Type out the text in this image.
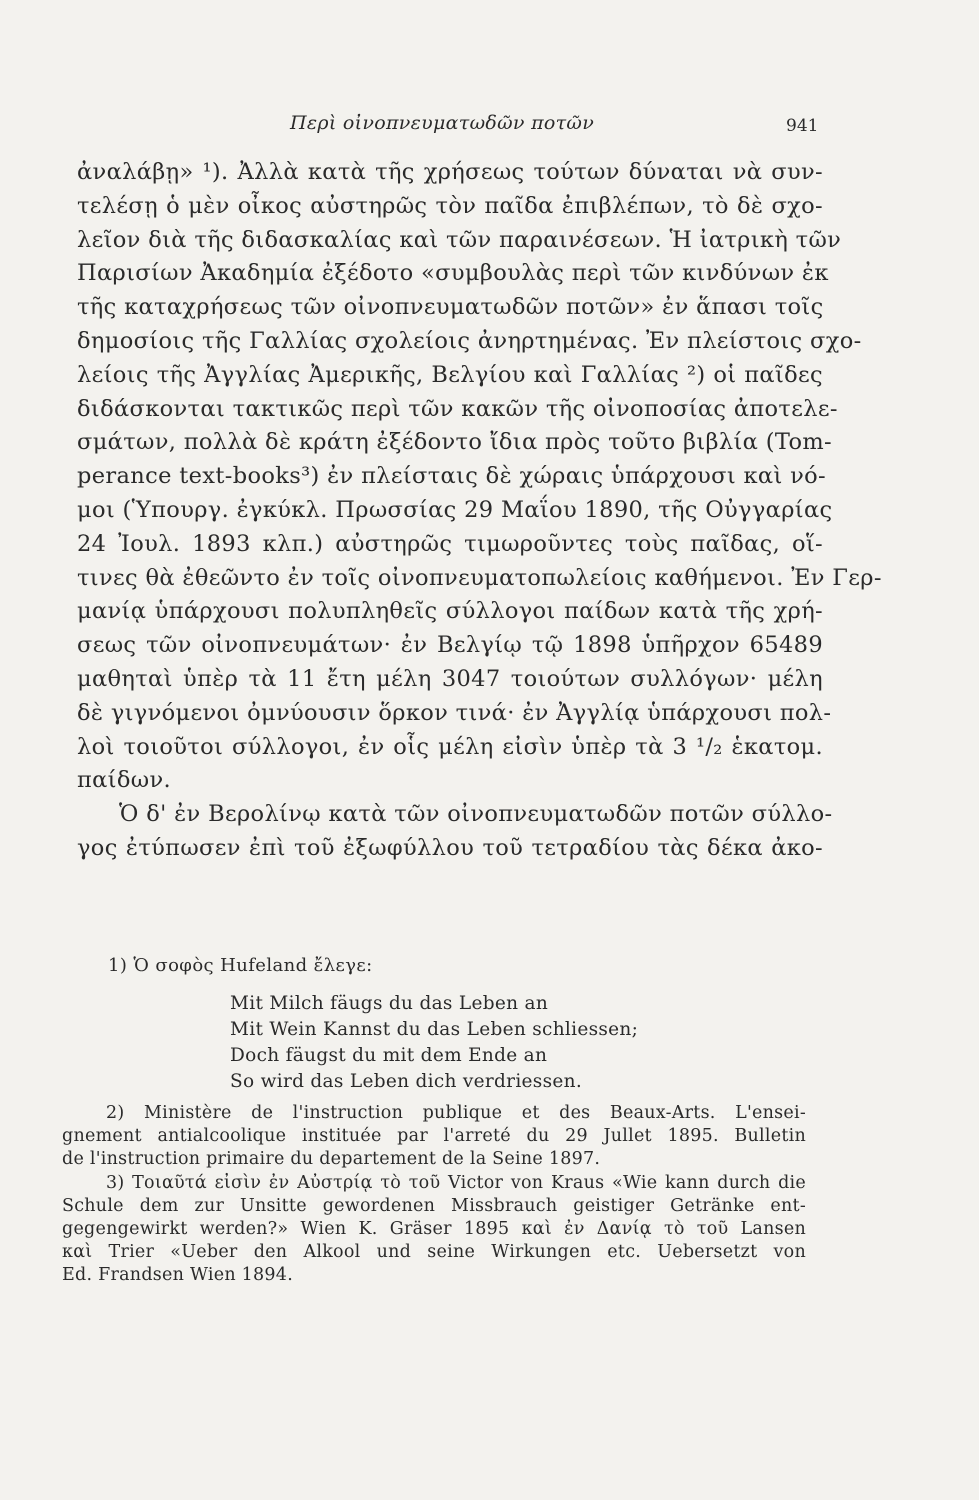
Περὶ οἰνοπνευματωδῶν ποτῶν	941
ἀναλάβῃ» ¹). Ἀλλὰ κατὰ τῆς χρήσεως τούτων δύναται νὰ συν-
τελέσῃ ὁ μὲν οἶκος αὐστηρῶς τὸν παῖδα ἐπιβλέπων, τὸ δὲ σχο-
λεῖον διὰ τῆς διδασκαλίας καὶ τῶν παραινέσεων. Ἡ ἰατρικὴ τῶν
Παρισίων Ἀκαδημία ἐξέδοτο «συμβουλὰς περὶ τῶν κινδύνων ἐκ
τῆς καταχρήσεως τῶν οἰνοπνευματωδῶν ποτῶν» ἐν ἅπασι τοῖς
δημοσίοις τῆς Γαλλίας σχολείοις ἀνηρτημένας. Ἐν πλείστοις σχο-
λείοις τῆς Ἀγγλίας Ἀμερικῆς, Βελγίου καὶ Γαλλίας ²) οἱ παῖδες
διδάσκονται τακτικῶς περὶ τῶν κακῶν τῆς οἰνοποσίας ἀποτελε-
σμάτων, πολλὰ δὲ κράτη ἐξέδοντο ἴδια πρὸς τοῦτο βιβλία (Tom-
perance text-books³) ἐν πλείσταις δὲ χώραις ὑπάρχουσι καὶ νό-
μοι (Ὑπουργ. ἐγκύκλ. Πρωσσίας 29 Μαΐου 1890, τῆς Οὐγγαρίας
24 Ἰουλ. 1893 κλπ.) αὐστηρῶς τιμωροῦντες τοὺς παῖδας, οἵ-
τινες θὰ ἐθεῶντο ἐν τοῖς οἰνοπνευματοπωλείοις καθήμενοι. Ἐν Γερ-
μανίᾳ ὑπάρχουσι πολυπληθεῖς σύλλογοι παίδων κατὰ τῆς χρή-
σεως τῶν οἰνοπνευμάτων· ἐν Βελγίῳ τῷ 1898 ὑπῆρχον 65489
μαθηταὶ ὑπὲρ τὰ 11 ἔτη μέλη 3047 τοιούτων συλλόγων· μέλη
δὲ γιγνόμενοι ὀμνύουσιν ὅρκον τινά· ἐν Ἀγγλίᾳ ὑπάρχουσι πολ-
λοὶ τοιοῦτοι σύλλογοι, ἐν οἷς μέλη εἰσὶν ὑπὲρ τὰ 3 ¹/₂ ἑκατομ.
παίδων.
Ὁ δ' ἐν Βερολίνῳ κατὰ τῶν οἰνοπνευματωδῶν ποτῶν σύλλο-
γος ἐτύπωσεν ἐπὶ τοῦ ἐξωφύλλου τοῦ τετραδίου τὰς δέκα ἀκο-
1) Ὁ σοφὸς Hufeland ἔλεγε:
Mit Milch fäugs du das Leben an
Mit Wein Kannst du das Leben schliessen;
Doch fäugst du mit dem Ende an
So wird das Leben dich verdriessen.
2) Ministère de l'instruction publique et des Beaux-Arts. L'ensei-
gnement antialcoolique instituée par l'arreté du 29 Jullet 1895. Bulletin
de l'instruction primaire du departement de la Seine 1897.
3) Τοιαῦτά εἰσὶν ἐν Αὐστρίᾳ τὸ τοῦ Victor von Kraus «Wie kann durch die
Schule dem zur Unsitte gewordenen Missbrauch geistiger Getränke ent-
gegengewirkt werden?» Wien K. Gräser 1895 καὶ ἐν Δανίᾳ τὸ τοῦ Lansen
καὶ Trier «Ueber den Alkool und seine Wirkungen etc. Uebersetzt von
Ed. Frandsen Wien 1894.
